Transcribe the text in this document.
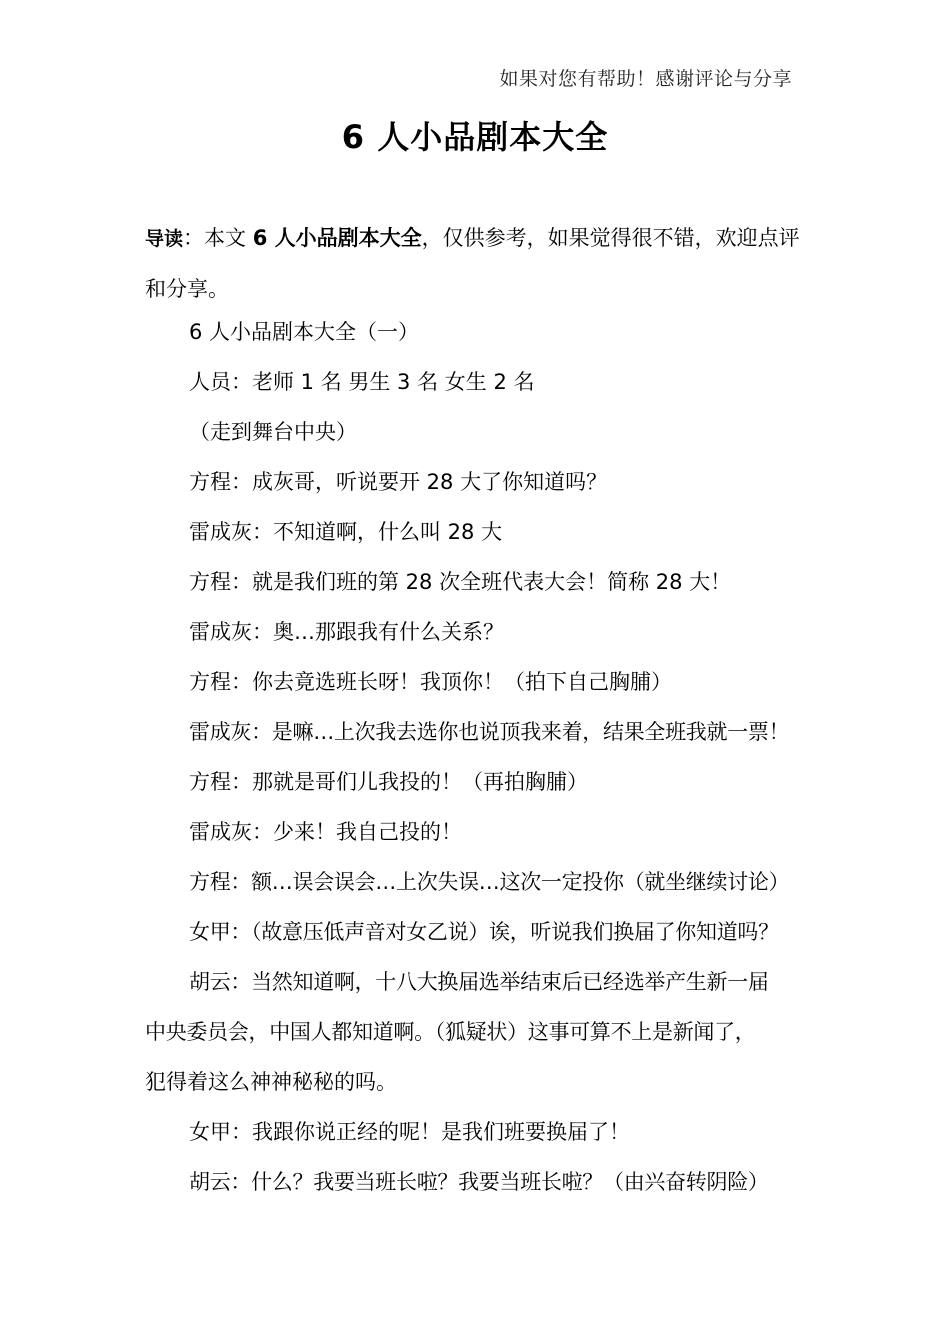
如果对您有帮助！感谢评论与分享
6 人小品剧本大全

导读：本文 6 人小品剧本大全，仅供参考，如果觉得很不错，欢迎点评和分享。

6 人小品剧本大全（一）
人员：老师 1 名 男生 3 名 女生 2 名
（走到舞台中央）
方程：成灰哥，听说要开 28 大了你知道吗？
雷成灰：不知道啊，什么叫 28 大
方程：就是我们班的第 28 次全班代表大会！简称 28 大！
雷成灰：奥…那跟我有什么关系？
方程：你去竟选班长呀！我顶你！（拍下自己胸脯）
雷成灰：是嘛…上次我去选你也说顶我来着，结果全班我就一票！
方程：那就是哥们儿我投的！（再拍胸脯）
雷成灰：少来！我自己投的！
方程：额…误会误会…上次失误…这次一定投你（就坐继续讨论）
女甲：（故意压低声音对女乙说）诶，听说我们换届了你知道吗？
胡云：当然知道啊，十八大换届选举结束后已经选举产生新一届
中央委员会，中国人都知道啊。（狐疑状）这事可算不上是新闻了，
犯得着这么神神秘秘的吗。
女甲：我跟你说正经的呢！是我们班要换届了！
胡云：什么？我要当班长啦？我要当班长啦？（由兴奋转阴险）
